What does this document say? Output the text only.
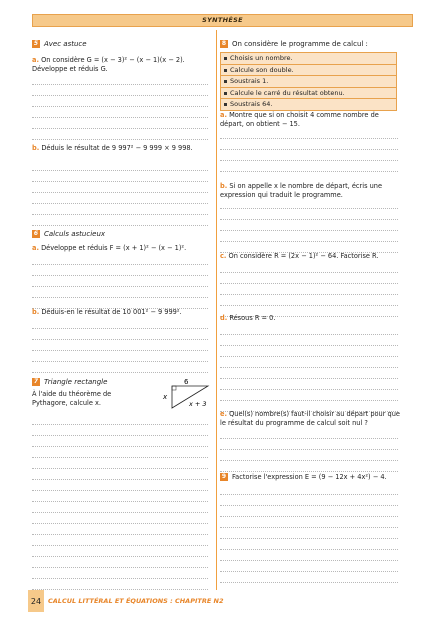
SYNTHÈSE
5 Avec astuce
a. On considère G = (x − 3)² − (x − 1)(x − 2). Développe et réduis G.
b. Déduis le résultat de 9 997² − 9 999 × 9 998.
6 Calculs astucieux
a. Développe et réduis F = (x + 1)² − (x − 1)².
b. Déduis-en le résultat de 10 001² − 9 999².
7 Triangle rectangle
À l'aide du théorème de Pythagore, calcule x.
6
x
x + 3
8 On considère le programme de calcul :
Choisis un nombre.
Calcule son double.
Soustrais 1.
Calcule le carré du résultat obtenu.
Soustrais 64.
a. Montre que si on choisit 4 comme nombre de départ, on obtient − 15.
b. Si on appelle x le nombre de départ, écris une expression qui traduit le programme.
c. On considère R = (2x − 1)² − 64. Factorise R.
d. Résous R = 0.
e. Quel(s) nombre(s) faut-il choisir au départ pour que le résultat du programme de calcul soit nul ?
9 Factorise l'expression E = (9 − 12x + 4x²) − 4.
24	CALCUL LITTÉRAL ET ÉQUATIONS : CHAPITRE N2
